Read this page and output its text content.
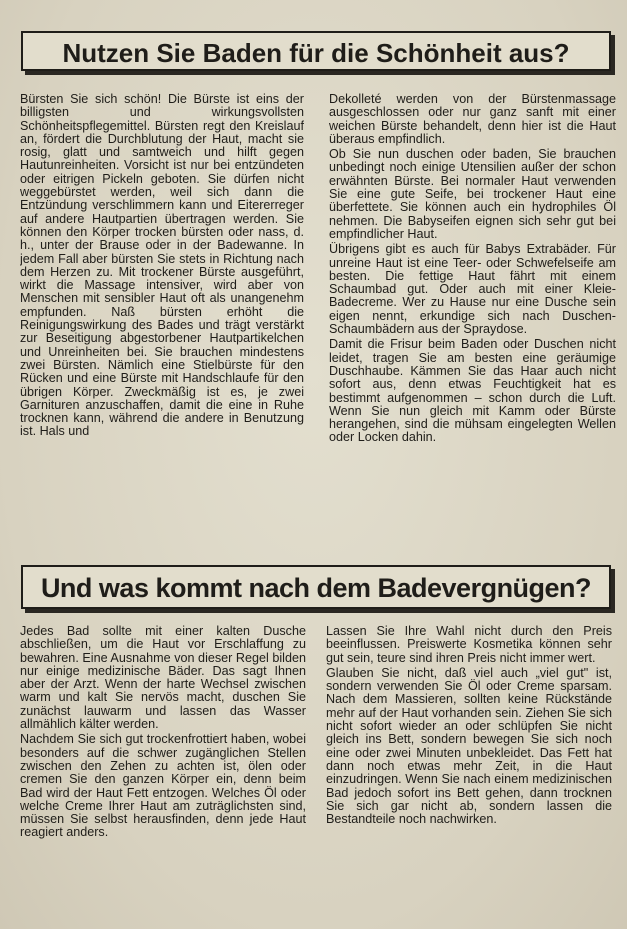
Nutzen Sie Baden für die Schönheit aus?

Bürsten Sie sich schön! Die Bürste ist eins der billigsten und wirkungsvollsten Schönheitspflegemittel. Bürsten regt den Kreislauf an, fördert die Durchblutung der Haut, macht sie rosig, glatt und samtweich und hilft gegen Hautunreinheiten. Vorsicht ist nur bei entzündeten oder eitrigen Pickeln geboten. Sie dürfen nicht weggebürstet werden, weil sich dann die Entzündung verschlimmern kann und Eitererreger auf andere Hautpartien übertragen werden. Sie können den Körper trocken bürsten oder nass, d. h., unter der Brause oder in der Badewanne. In jedem Fall aber bürsten Sie stets in Richtung nach dem Herzen zu. Mit trockener Bürste ausgeführt, wirkt die Massage intensiver, wird aber von Menschen mit sensibler Haut oft als unangenehm empfunden. Naß bürsten erhöht die Reinigungswirkung des Bades und trägt verstärkt zur Beseitigung abgestorbener Hautpartikelchen und Unreinheiten bei. Sie brauchen mindestens zwei Bürsten. Nämlich eine Stielbürste für den Rücken und eine Bürste mit Handschlaufe für den übrigen Körper. Zweckmäßig ist es, je zwei Garnituren anzuschaffen, damit die eine in Ruhe trocknen kann, während die andere in Benutzung ist. Hals und

Dekolleté werden von der Bürstenmassage ausgeschlossen oder nur ganz sanft mit einer weichen Bürste behandelt, denn hier ist die Haut überaus empfindlich.

Ob Sie nun duschen oder baden, Sie brauchen unbedingt noch einige Utensilien außer der schon erwähnten Bürste. Bei normaler Haut verwenden Sie eine gute Seife, bei trockener Haut eine überfettete. Sie können auch ein hydrophiles Öl nehmen. Die Babyseifen eignen sich sehr gut bei empfindlicher Haut.

Übrigens gibt es auch für Babys Extrabäder. Für unreine Haut ist eine Teer- oder Schwefelseife am besten. Die fettige Haut fährt mit einem Schaumbad gut. Oder auch mit einer Kleie-Badecreme. Wer zu Hause nur eine Dusche sein eigen nennt, erkundige sich nach Duschen-Schaumbädern aus der Spraydose.

Damit die Frisur beim Baden oder Duschen nicht leidet, tragen Sie am besten eine geräumige Duschhaube. Kämmen Sie das Haar auch nicht sofort aus, denn etwas Feuchtigkeit hat es bestimmt aufgenommen – schon durch die Luft. Wenn Sie nun gleich mit Kamm oder Bürste herangehen, sind die mühsam eingelegten Wellen oder Locken dahin.

Und was kommt nach dem Badevergnügen?

Jedes Bad sollte mit einer kalten Dusche abschließen, um die Haut vor Erschlaffung zu bewahren. Eine Ausnahme von dieser Regel bilden nur einige medizinische Bäder. Das sagt Ihnen aber der Arzt. Wenn der harte Wechsel zwischen warm und kalt Sie nervös macht, duschen Sie zunächst lauwarm und lassen das Wasser allmählich kälter werden.

Nachdem Sie sich gut trockenfrottiert haben, wobei besonders auf die schwer zugänglichen Stellen zwischen den Zehen zu achten ist, ölen oder cremen Sie den ganzen Körper ein, denn beim Bad wird der Haut Fett entzogen. Welches Öl oder welche Creme Ihrer Haut am zuträglichsten sind, müssen Sie selbst herausfinden, denn jede Haut reagiert anders.

Lassen Sie Ihre Wahl nicht durch den Preis beeinflussen. Preiswerte Kosmetika können sehr gut sein, teure sind ihren Preis nicht immer wert.

Glauben Sie nicht, daß viel auch „viel gut" ist, sondern verwenden Sie Öl oder Creme sparsam. Nach dem Massieren, sollten keine Rückstände mehr auf der Haut vorhanden sein. Ziehen Sie sich nicht sofort wieder an oder schlüpfen Sie nicht gleich ins Bett, sondern bewegen Sie sich noch eine oder zwei Minuten unbekleidet. Das Fett hat dann noch etwas mehr Zeit, in die Haut einzudringen. Wenn Sie nach einem medizinischen Bad jedoch sofort ins Bett gehen, dann trocknen Sie sich gar nicht ab, sondern lassen die Bestandteile noch nachwirken.
